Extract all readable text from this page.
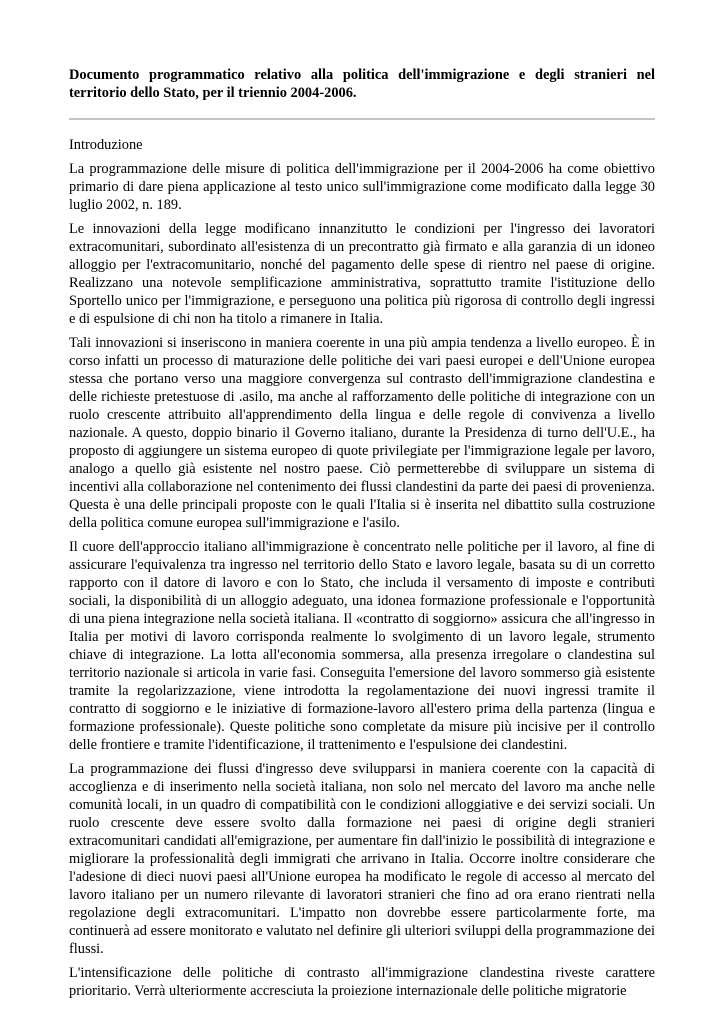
Documento programmatico relativo alla politica dell'immigrazione e degli stranieri nel territorio dello Stato, per il triennio 2004-2006.
Introduzione

La programmazione delle misure di politica dell'immigrazione per il 2004-2006 ha come obiettivo primario di dare piena applicazione al testo unico sull'immigrazione come modificato dalla legge 30 luglio 2002, n. 189.

Le innovazioni della legge modificano innanzitutto le condizioni per l'ingresso dei lavoratori extracomunitari, subordinato all'esistenza di un precontratto già firmato e alla garanzia di un idoneo alloggio per l'extracomunitario, nonché del pagamento delle spese di rientro nel paese di origine. Realizzano una notevole semplificazione amministrativa, soprattutto tramite l'istituzione dello Sportello unico per l'immigrazione, e perseguono una politica più rigorosa di controllo degli ingressi e di espulsione di chi non ha titolo a rimanere in Italia.

Tali innovazioni si inseriscono in maniera coerente in una più ampia tendenza a livello europeo. È in corso infatti un processo di maturazione delle politiche dei vari paesi europei e dell'Unione europea stessa che portano verso una maggiore convergenza sul contrasto dell'immigrazione clandestina e delle richieste pretestuose di .asilo, ma anche al rafforzamento delle politiche di integrazione con un ruolo crescente attribuito all'apprendimento della lingua e delle regole di convivenza a livello nazionale. A questo, doppio binario il Governo italiano, durante la Presidenza di turno dell'U.E., ha proposto di aggiungere un sistema europeo di quote privilegiate per l'immigrazione legale per lavoro, analogo a quello già esistente nel nostro paese. Ciò permetterebbe di sviluppare un sistema di incentivi alla collaborazione nel contenimento dei flussi clandestini da parte dei paesi di provenienza. Questa è una delle principali proposte con le quali l'Italia si è inserita nel dibattito sulla costruzione della politica comune europea sull'immigrazione e l'asilo.

Il cuore dell'approccio italiano all'immigrazione è concentrato nelle politiche per il lavoro, al fine di assicurare l'equivalenza tra ingresso nel territorio dello Stato e lavoro legale, basata su di un corretto rapporto con il datore di lavoro e con lo Stato, che includa il versamento di imposte e contributi sociali, la disponibilità di un alloggio adeguato, una idonea formazione professionale e l'opportunità di una piena integrazione nella società italiana. Il «contratto di soggiorno» assicura che all'ingresso in Italia per motivi di lavoro corrisponda realmente lo svolgimento di un lavoro legale, strumento chiave di integrazione. La lotta all'economia sommersa, alla presenza irregolare o clandestina sul territorio nazionale si articola in varie fasi. Conseguita l'emersione del lavoro sommerso già esistente tramite la regolarizzazione, viene introdotta la regolamentazione dei nuovi ingressi tramite il contratto di soggiorno e le iniziative di formazione-lavoro all'estero prima della partenza (lingua e formazione professionale). Queste politiche sono completate da misure più incisive per il controllo delle frontiere e tramite l'identificazione, il trattenimento e l'espulsione dei clandestini.

La programmazione dei flussi d'ingresso deve svilupparsi in maniera coerente con la capacità di accoglienza e di inserimento nella società italiana, non solo nel mercato del lavoro ma anche nelle comunità locali, in un quadro di compatibilità con le condizioni alloggiative e dei servizi sociali. Un ruolo crescente deve essere svolto dalla formazione nei paesi di origine degli stranieri extracomunitari candidati all'emigrazione, per aumentare fin dall'inizio le possibilità di integrazione e migliorare la professionalità degli immigrati che arrivano in Italia. Occorre inoltre considerare che l'adesione di dieci nuovi paesi all'Unione europea ha modificato le regole di accesso al mercato del lavoro italiano per un numero rilevante di lavoratori stranieri che fino ad ora erano rientrati nella regolazione degli extracomunitari. L'impatto non dovrebbe essere particolarmente forte, ma continuerà ad essere monitorato e valutato nel definire gli ulteriori sviluppi della programmazione dei flussi.

L'intensificazione delle politiche di contrasto all'immigrazione clandestina riveste carattere prioritario. Verrà ulteriormente accresciuta la proiezione internazionale delle politiche migratorie
